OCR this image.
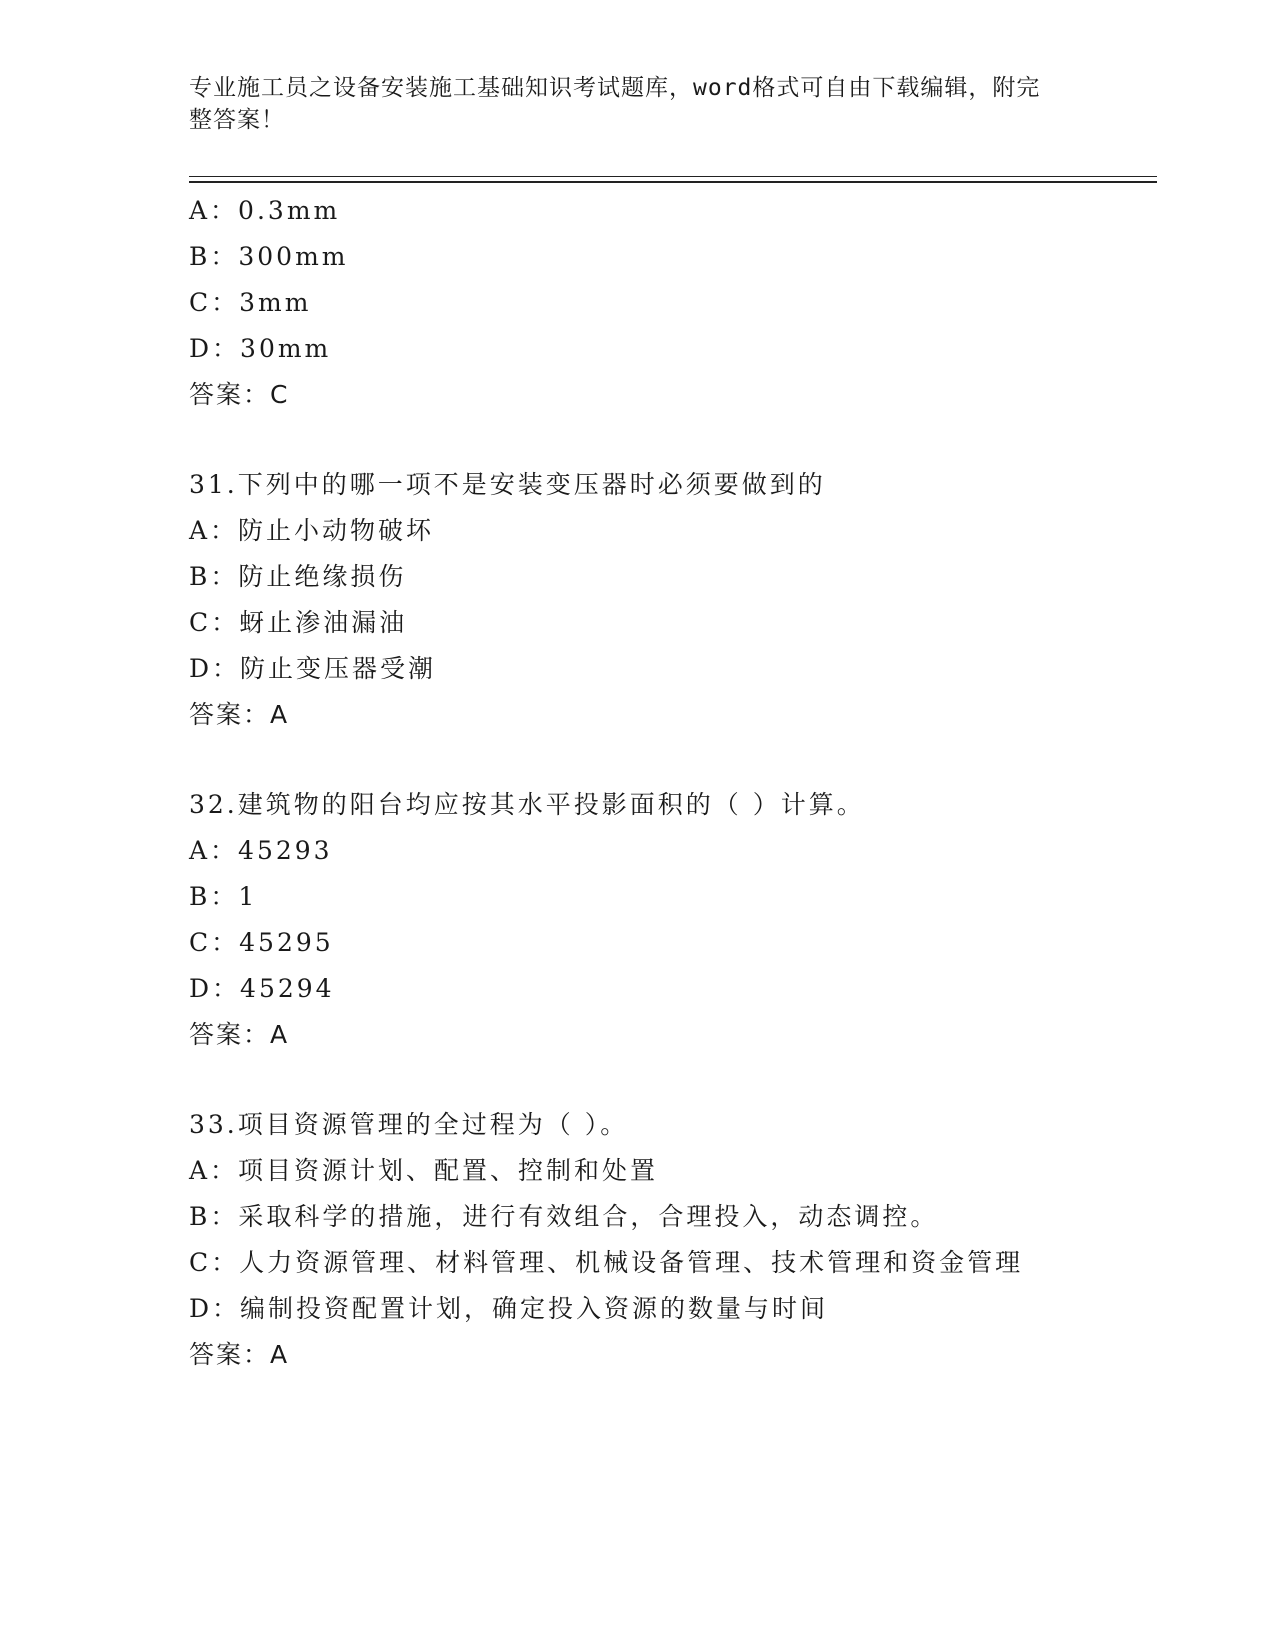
专业施工员之设备安装施工基础知识考试题库，word格式可自由下载编辑，附完
整答案！
A：0.3mm
B：300mm
C：3mm
D：30mm
答案：C
31.下列中的哪一项不是安装变压器时必须要做到的
A：防止小动物破坏
B：防止绝缘损伤
C：蚜止渗油漏油
D：防止变压器受潮
答案：A
32.建筑物的阳台均应按其水平投影面积的（ ）计算。
A：45293
B：1
C：45295
D：45294
答案：A
33.项目资源管理的全过程为（ ）。
A：项目资源计划、配置、控制和处置
B：采取科学的措施，进行有效组合，合理投入，动态调控。
C：人力资源管理、材料管理、机械设备管理、技术管理和资金管理
D：编制投资配置计划，确定投入资源的数量与时间
答案：A
